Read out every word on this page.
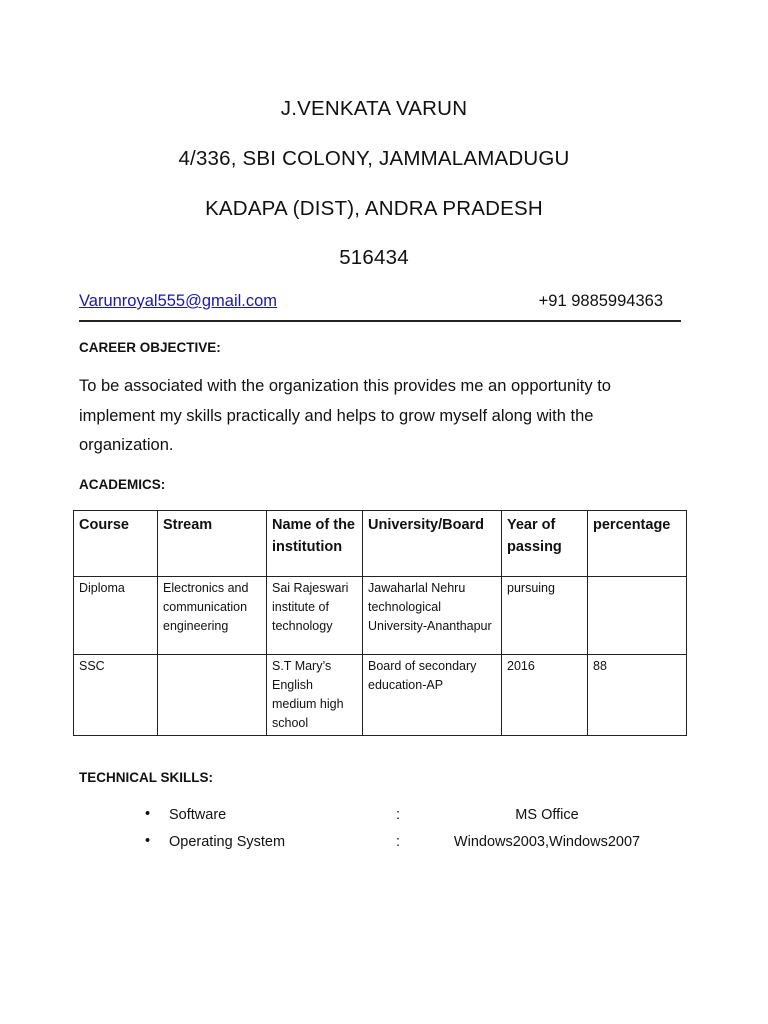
J.VENKATA VARUN
4/336, SBI COLONY, JAMMALAMADUGU
KADAPA (DIST), ANDRA PRADESH
516434
Varunroyal555@gmail.com	+91 9885994363
CAREER OBJECTIVE:
To be associated with the organization this provides me an opportunity to implement my skills practically and helps to grow myself along with the organization.
ACADEMICS:
Course	Stream	Name of the institution	University/Board	Year of passing	percentage
Diploma	Electronics and communication engineering	Sai Rajeswari institute of technology	Jawaharlal Nehru technological University-Ananthapur	pursuing	
SSC		S.T Mary’s English medium high school	Board of secondary education-AP	2016	88
TECHNICAL SKILLS:
• Software	:	MS Office
• Operating System	:	Windows2003,Windows2007
